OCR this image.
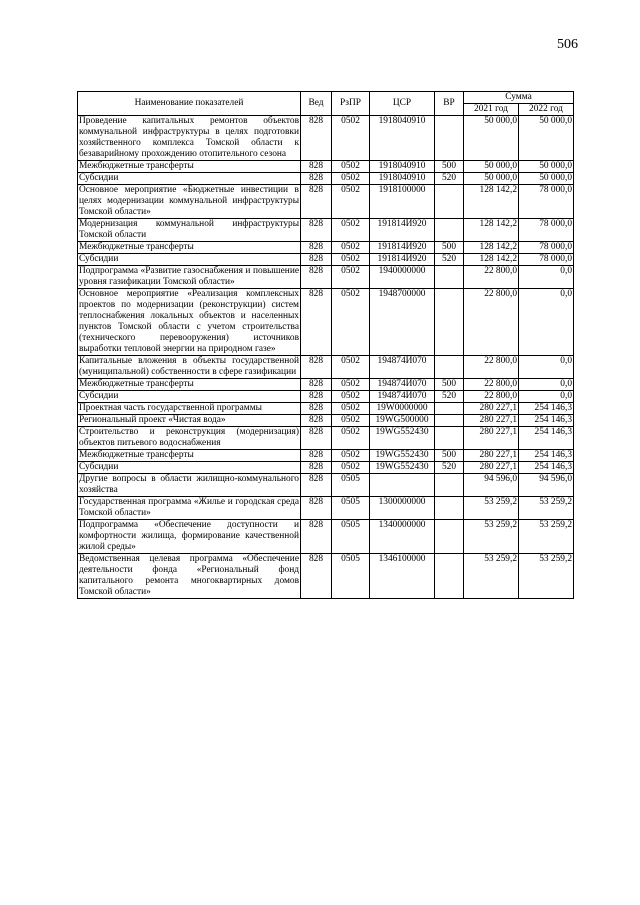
506
Наименование показателей	Вед	РзПР	ЦСР	ВР	Сумма	
					2021 год	2022 год
Проведение капитальных ремонтов объектов коммунальной инфраструктуры в целях подготовки хозяйственного комплекса Томской области к безаварийному прохождению отопительного сезона	828	0502	1918040910		50 000,0	50 000,0
Межбюджетные трансферты	828	0502	1918040910	500	50 000,0	50 000,0
Субсидии	828	0502	1918040910	520	50 000,0	50 000,0
Основное мероприятие «Бюджетные инвестиции в целях модернизации коммунальной инфраструктуры Томской области»	828	0502	1918100000		128 142,2	78 000,0
Модернизация коммунальной инфраструктуры Томской области	828	0502	191814И920		128 142,2	78 000,0
Межбюджетные трансферты	828	0502	191814И920	500	128 142,2	78 000,0
Субсидии	828	0502	191814И920	520	128 142,2	78 000,0
Подпрограмма «Развитие газоснабжения и повышение уровня газификации Томской области»	828	0502	1940000000		22 800,0	0,0
Основное мероприятие «Реализация комплексных проектов по модернизации (реконструкции) систем теплоснабжения локальных объектов и населенных пунктов Томской области с учетом строительства (технического перевооружения) источников выработки тепловой энергии на природном газе»	828	0502	1948700000		22 800,0	0,0
Капитальные вложения в объекты государственной (муниципальной) собственности в сфере газификации	828	0502	194874И070		22 800,0	0,0
Межбюджетные трансферты	828	0502	194874И070	500	22 800,0	0,0
Субсидии	828	0502	194874И070	520	22 800,0	0,0
Проектная часть государственной программы	828	0502	19W0000000		280 227,1	254 146,3
Региональный проект «Чистая вода»	828	0502	19WG500000		280 227,1	254 146,3
Строительство и реконструкция (модернизация) объектов питьевого водоснабжения	828	0502	19WG552430		280 227,1	254 146,3
Межбюджетные трансферты	828	0502	19WG552430	500	280 227,1	254 146,3
Субсидии	828	0502	19WG552430	520	280 227,1	254 146,3
Другие вопросы в области жилищно-коммунального хозяйства	828	0505			94 596,0	94 596,0
Государственная программа «Жилье и городская среда Томской области»	828	0505	1300000000		53 259,2	53 259,2
Подпрограмма «Обеспечение доступности и комфортности жилища, формирование качественной жилой среды»	828	0505	1340000000		53 259,2	53 259,2
Ведомственная целевая программа «Обеспечение деятельности фонда «Региональный фонд капитального ремонта многоквартирных домов Томской области»	828	0505	1346100000		53 259,2	53 259,2
